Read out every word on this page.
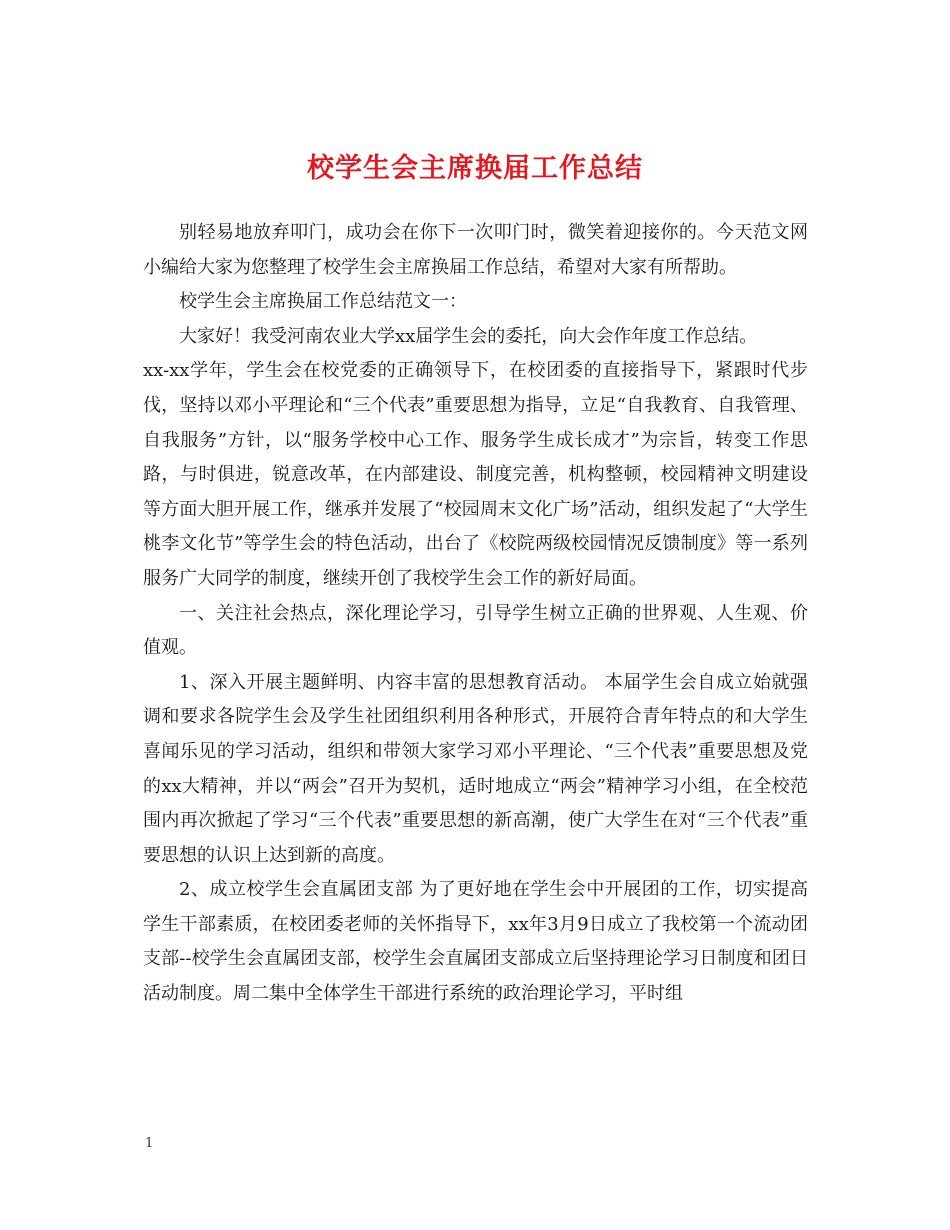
校学生会主席换届工作总结

别轻易地放弃叩门，成功会在你下一次叩门时，微笑着迎接你的。今天范文网小编给大家为您整理了校学生会主席换届工作总结，希望对大家有所帮助。

校学生会主席换届工作总结范文一：

大家好！我受河南农业大学xx届学生会的委托，向大会作年度工作总结。

xx-xx学年，学生会在校党委的正确领导下，在校团委的直接指导下，紧跟时代步伐，坚持以邓小平理论和“三个代表”重要思想为指导，立足“自我教育、自我管理、自我服务”方针，以“服务学校中心工作、服务学生成长成才”为宗旨，转变工作思路，与时俱进，锐意改革，在内部建设、制度完善，机构整顿，校园精神文明建设等方面大胆开展工作，继承并发展了“校园周末文化广场”活动，组织发起了“大学生桃李文化节”等学生会的特色活动，出台了《校院两级校园情况反馈制度》等一系列服务广大同学的制度，继续开创了我校学生会工作的新好局面。

一、关注社会热点，深化理论学习，引导学生树立正确的世界观、人生观、价值观。

1、深入开展主题鲜明、内容丰富的思想教育活动。 本届学生会自成立始就强调和要求各院学生会及学生社团组织利用各种形式，开展符合青年特点的和大学生喜闻乐见的学习活动，组织和带领大家学习邓小平理论、“三个代表”重要思想及党的xx大精神，并以“两会”召开为契机，适时地成立“两会”精神学习小组，在全校范围内再次掀起了学习“三个代表”重要思想的新高潮，使广大学生在对“三个代表”重要思想的认识上达到新的高度。

2、成立校学生会直属团支部 为了更好地在学生会中开展团的工作，切实提高学生干部素质，在校团委老师的关怀指导下，xx年3月9日成立了我校第一个流动团支部--校学生会直属团支部，校学生会直属团支部成立后坚持理论学习日制度和团日活动制度。周二集中全体学生干部进行系统的政治理论学习，平时组

1
